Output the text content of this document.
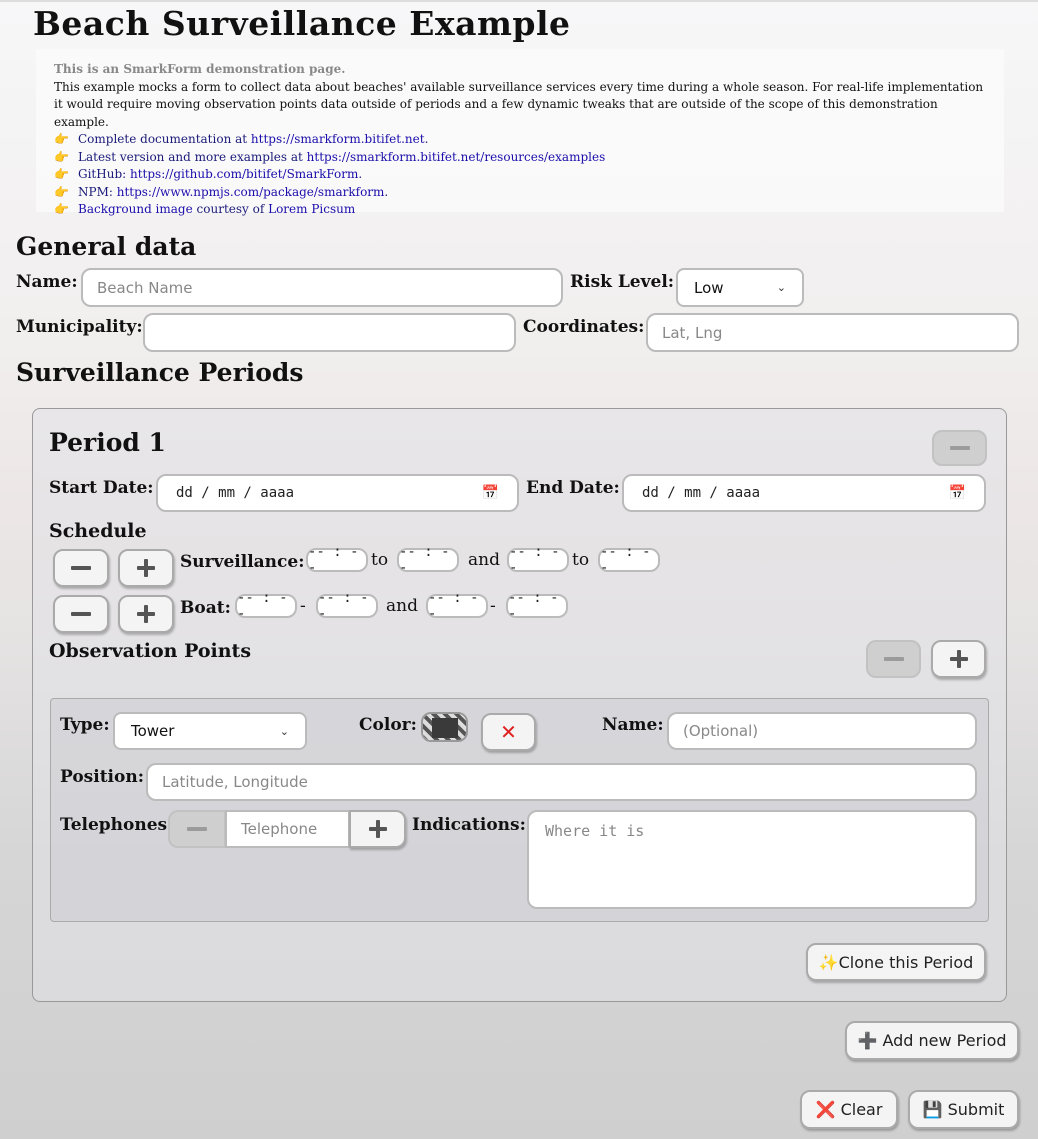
Beach Surveillance Example
This is an SmarkForm demonstration page.
This example mocks a form to collect data about beaches' available surveillance services every time during a whole season. For real-life implementation it would require moving observation points data outside of periods and a few dynamic tweaks that are outside of the scope of this demonstration example.
👉 Complete documentation at https://smarkform.bitifet.net.
👉 Latest version and more examples at https://smarkform.bitifet.net/resources/examples
👉 GitHub: https://github.com/bitifet/SmarkForm.
👉 NPM: https://www.npmjs.com/package/smarkform.
👉 Background image courtesy of Lorem Picsum
General data
Name: Beach Name	Risk Level: Low	⌄
Municipality:	Coordinates: Lat, Lng
Surveillance Periods
Period 1
Start Date: dd / mm / aaaa	📅 End Date: dd / mm / aaaa	📅
Schedule
Surveillance: -- : --	to -- : --	and -- : --	to -- : --
Boat: -- : --	- -- : --	and -- : --	- -- : --
Observation Points
Type: Tower	⌄	Color:	✕	Name: (Optional)
Position: Latitude, Longitude
Telephones	Telephone	Indications:	Where it is
✨Clone this Period
➕ Add new Period
❌ Clear	💾 Submit
